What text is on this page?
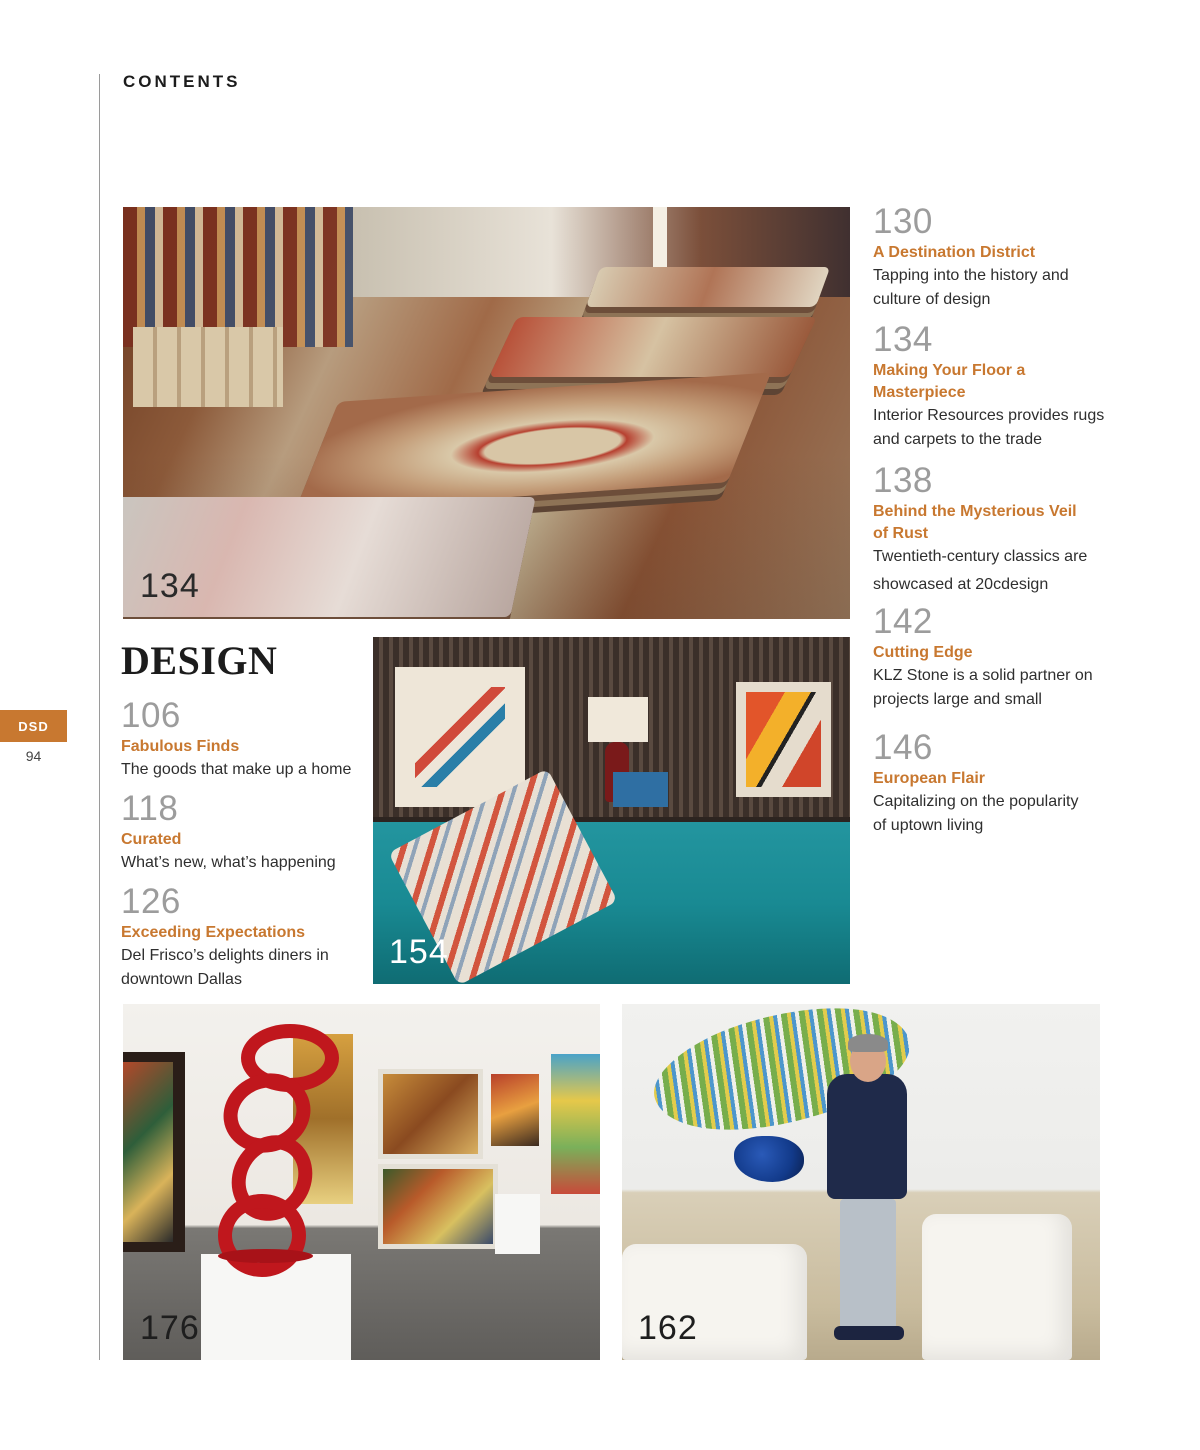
CONTENTS
DSD
94
134
DESIGN
106
Fabulous Finds
The goods that make up a home
118
Curated
What’s new, what’s happening
126
Exceeding Expectations
Del Frisco’s delights diners in
downtown Dallas
154
130
A Destination District
Tapping into the history and
culture of design
134
Making Your Floor a
Masterpiece
Interior Resources provides rugs
and carpets to the trade
138
Behind the Mysterious Veil
of Rust
Twentieth-century classics are
showcased at 20cdesign
142
Cutting Edge
KLZ Stone is a solid partner on
projects large and small
146
European Flair
Capitalizing on the popularity
of uptown living
176	162
